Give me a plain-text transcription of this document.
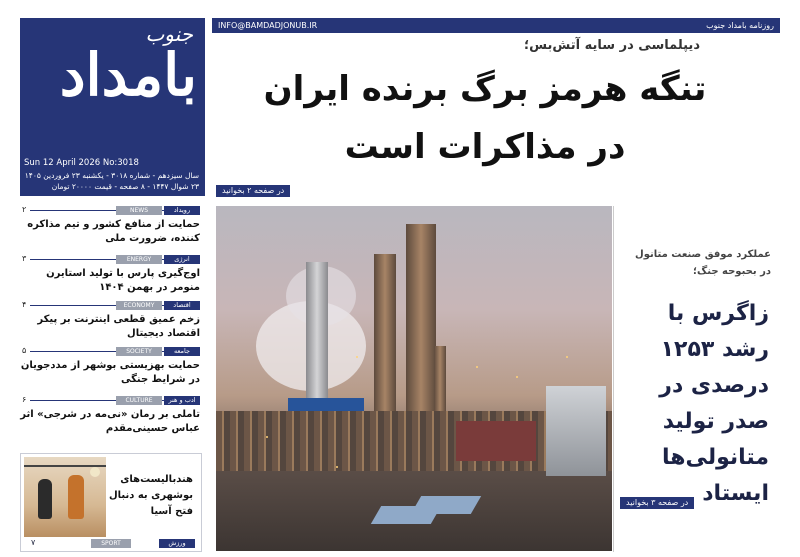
جنوب
بامداد
Sun 12 April 2026 No:3018
سال سیزدهم - شماره ۳۰۱۸ - یکشنبه ۲۳ فروردین ۱۴۰۵
۲۳ شوال ۱۴۴۷ - ۸ صفحه - قیمت ۲۰۰۰۰ تومان
INFO@BAMDADJONUB.IR	روزنامه بامداد جنوب
دیپلماسی در سایه آتش‌بس؛
تنگه هرمز برگ برنده ایران
در مذاکرات است
در صفحه ۲ بخوانید
۲	NEWS	رویداد
حمایت از منافع کشور و تیم مذاکره کننده، ضرورت ملی
۳	ENERGY	انرژی
اوج‌گیری پارس با تولید استایرن منومر در بهمن ۱۴۰۴
۴	ECONOMY	اقتصاد
زخم عمیق قطعی اینترنت بر پیکر اقتصاد دیجیتال
۵	SOCIETY	جامعه
حمایت بهزیستی بوشهر از مددجویان در شرایط جنگی
۶	CULTURE	ادب و هنر
تاملی بر رمان «نی‌مه در شرجی» اثر عباس حسینی‌مقدم
هندبالیست‌های بوشهری به دنبال فتح آسیا
۷	SPORT	ورزش
عملکرد موفق صنعت متانول در بحبوحه جنگ؛
زاگرس با رشد ۱۲۵۳ درصدی در صدر تولید متانولی‌ها ایستاد
در صفحه ۳ بخوانید
